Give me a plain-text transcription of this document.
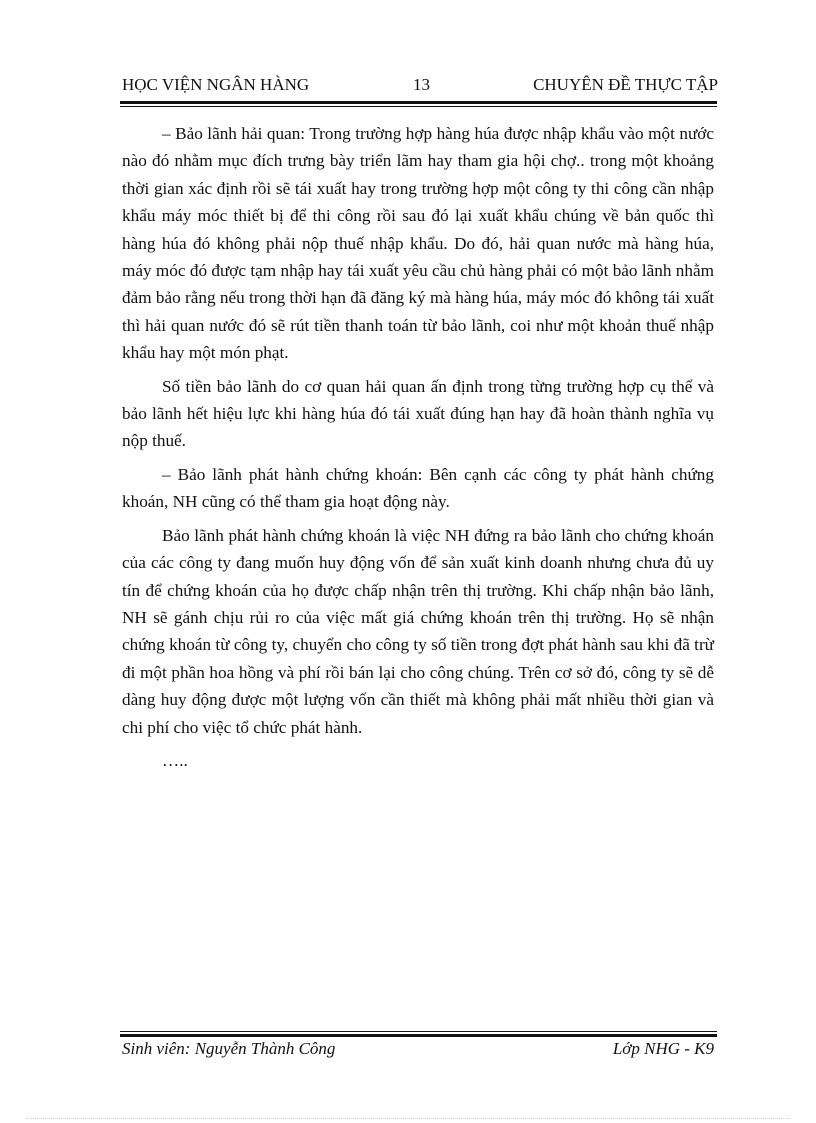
HỌC VIỆN NGÂN HÀNG	13	CHUYÊN ĐỀ THỰC TẬP

– Bảo lãnh hải quan: Trong trường hợp hàng húa được nhập khẩu vào một nước nào đó nhằm mục đích trưng bày triển lãm hay tham gia hội chợ.. trong một khoảng thời gian xác định rồi sẽ tái xuất hay trong trường hợp một công ty thi công cần nhập khẩu máy móc thiết bị để thi công rồi sau đó lại xuất khẩu chúng về bản quốc thì hàng húa đó không phải nộp thuế nhập khẩu. Do đó, hải quan nước mà hàng húa, máy móc đó được tạm nhập hay tái xuất yêu cầu chủ hàng phải có một bảo lãnh nhằm đảm bảo rằng nếu trong thời hạn đã đăng ký mà hàng húa, máy móc đó không tái xuất thì hải quan nước đó sẽ rút tiền thanh toán từ bảo lãnh, coi như một khoản thuế nhập khẩu hay một món phạt.

Số tiền bảo lãnh do cơ quan hải quan ấn định trong từng trường hợp cụ thể và bảo lãnh hết hiệu lực khi hàng húa đó tái xuất đúng hạn hay đã hoàn thành nghĩa vụ nộp thuế.

– Bảo lãnh phát hành chứng khoán: Bên cạnh các công ty phát hành chứng khoán, NH cũng có thể tham gia hoạt động này.

Bảo lãnh phát hành chứng khoán là việc NH đứng ra bảo lãnh cho chứng khoán của các công ty đang muốn huy động vốn để sản xuất kinh doanh nhưng chưa đủ uy tín để chứng khoán của họ được chấp nhận trên thị trường. Khi chấp nhận bảo lãnh, NH sẽ gánh chịu rủi ro của việc mất giá chứng khoán trên thị trường. Họ sẽ nhận chứng khoán từ công ty, chuyển cho công ty số tiền trong đợt phát hành sau khi đã trừ đi một phần hoa hồng và phí rồi bán lại cho công chúng. Trên cơ sở đó, công ty sẽ dễ dàng huy động được một lượng vốn cần thiết mà không phải mất nhiều thời gian và chi phí cho việc tổ chức phát hành.

…..

Sinh viên: Nguyễn Thành Công	Lớp NHG - K9
